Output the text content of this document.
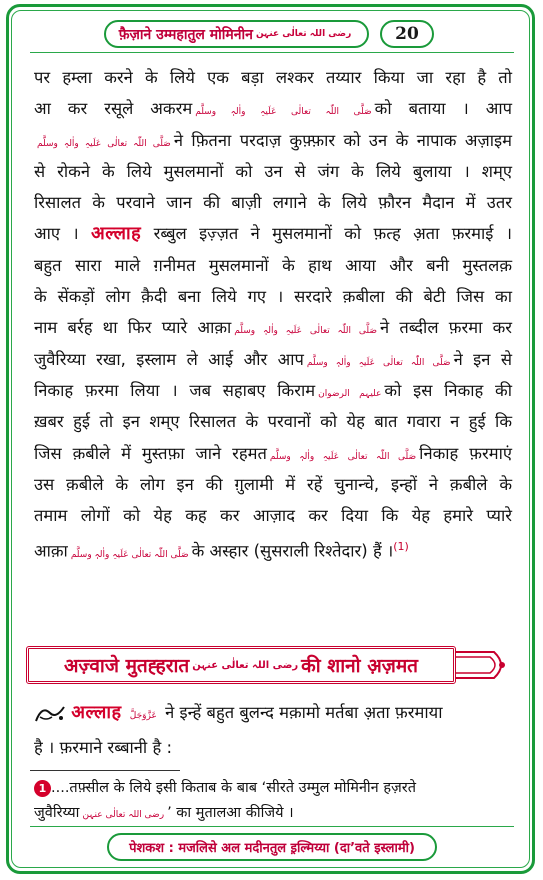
फ़ैज़ाने उम्महातुल मोमिनीन رضی اللہ تعالٰی عنہن	20
पर हम्ला करने के लिये एक बड़ा लश्कर तय्यार किया जा रहा है तो
आ कर रसूले अकरम صَلَّی اللّٰہ تعالٰی عَلَیہِ واٰلہٖ وسلَّم को बताया । आप
صَلَّی اللّٰہ تعالٰی عَلَیہِ واٰلہٖ وسلَّم ने फ़ितना परदाज़ कुफ़्फ़ार को उन के नापाक अज़ाइम
से रोकने के लिये मुसलमानों को उन से जंग के लिये बुलाया । शम्ए
रिसालत के परवाने जान की बाज़ी लगाने के लिये फ़ौरन मैदान में उतर
आए । अल्लाह रब्बुल इज़्ज़त ने मुसलमानों को फ़त्ह अ़ता फ़रमाई ।
बहुत सारा माले ग़नीमत मुसलमानों के हाथ आया और बनी मुस्तलक़
के सेंकड़ों लोग क़ैदी बना लिये गए । सरदारे क़बीला की बेटी जिस का
नाम बर्रह था फिर प्यारे आक़ा صَلَّی اللّٰہ تعالٰی عَلَیہِ واٰلہٖ وسلَّم ने तब्दील फ़रमा कर
जुवैरिय्या रखा, इस्लाम ले आई और आप صَلَّی اللّٰہ تعالٰی عَلَیہِ واٰلہٖ وسلَّم ने इन से
निकाह फ़रमा लिया । जब सहाबए किराम علیہم الرضوان को इस निकाह की
ख़बर हुई तो इन शम्ए रिसालत के परवानों को येह बात गवारा न हुई कि
जिस क़बीले में मुस्तफ़ा जाने रहमत صَلَّی اللّٰہ تعالٰی عَلَیہِ واٰلہٖ وسلَّم निकाह फ़रमाएं
उस क़बीले के लोग इन की ग़ुलामी में रहें चुनान्चे, इन्हों ने क़बीले के
तमाम लोगों को येह कह कर आज़ाद कर दिया कि येह हमारे प्यारे
आक़ा صَلَّی اللّٰہ تعالٰی عَلَیہِ واٰلہٖ وسلَّم के अस्हार (सुसराली रिश्तेदार) हैं ।$^{(1)}$
अज़्वाजे मुतह्हरात رضی اللہ تعالٰی عنہن की शानो अ़ज़मत
अल्लाह عَزَّوَجَلَّ ने इन्हें बहुत बुलन्द मक़ामो मर्तबा अ़ता फ़रमाया
है । फ़रमाने रब्बानी है :
1 ....तफ़्सील के लिये इसी किताब के बाब ‘सीरते उम्मुल मोमिनीन हज़रते
जुवैरिय्या رضی اللہ تعالٰی عنہن ’ का मुतालआ कीजिये ।
पेशकश : मजलिसे अल मदीनतुल इ़ल्मिय्या (दा’वते इस्लामी)
